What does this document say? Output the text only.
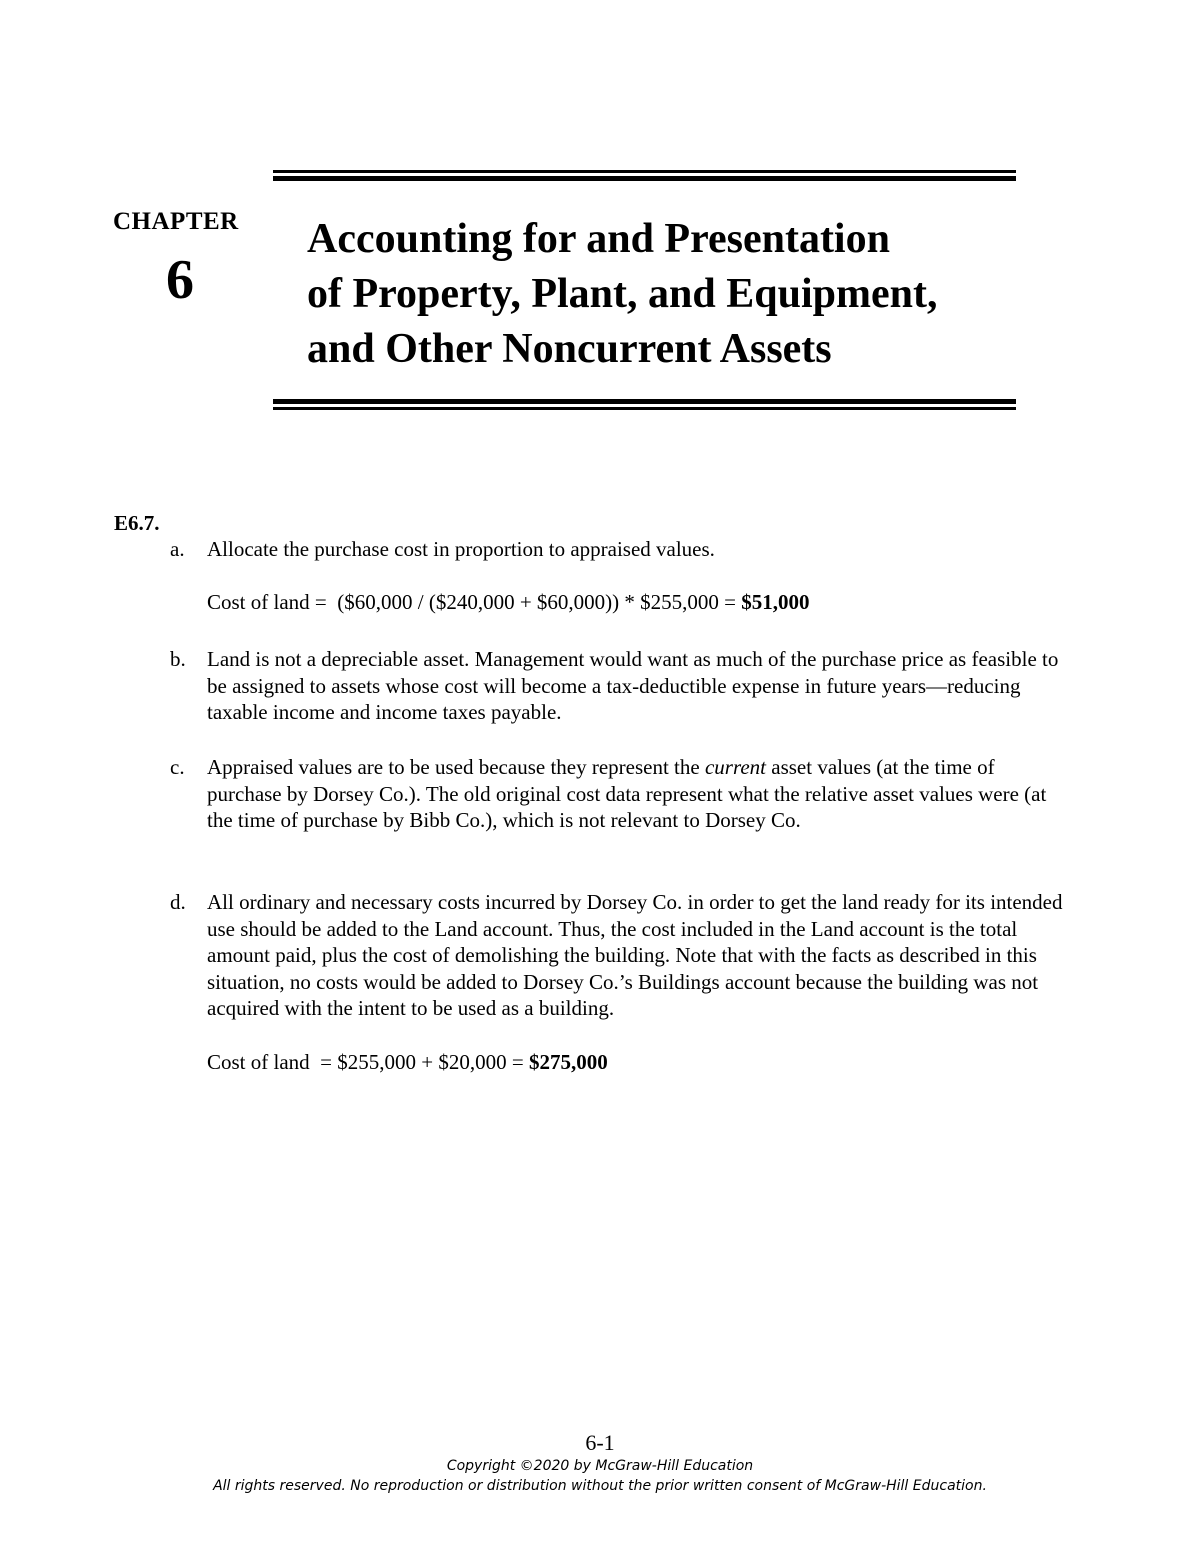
CHAPTER
6
Accounting for and Presentation
of Property, Plant, and Equipment,
and Other Noncurrent Assets
E6.7.
a. Allocate the purchase cost in proportion to appraised values.
Cost of land =  ($60,000 / ($240,000 + $60,000)) * $255,000 = $51,000
b. Land is not a depreciable asset. Management would want as much of the purchase price as feasible to be assigned to assets whose cost will become a tax-deductible expense in future years—reducing taxable income and income taxes payable.
c. Appraised values are to be used because they represent the current asset values (at the time of purchase by Dorsey Co.). The old original cost data represent what the relative asset values were (at the time of purchase by Bibb Co.), which is not relevant to Dorsey Co.
d. All ordinary and necessary costs incurred by Dorsey Co. in order to get the land ready for its intended use should be added to the Land account. Thus, the cost included in the Land account is the total amount paid, plus the cost of demolishing the building. Note that with the facts as described in this situation, no costs would be added to Dorsey Co.’s Buildings account because the building was not acquired with the intent to be used as a building.
Cost of land  = $255,000 + $20,000 = $275,000
6-1
Copyright ©2020 by McGraw-Hill Education
All rights reserved. No reproduction or distribution without the prior written consent of McGraw-Hill Education.
